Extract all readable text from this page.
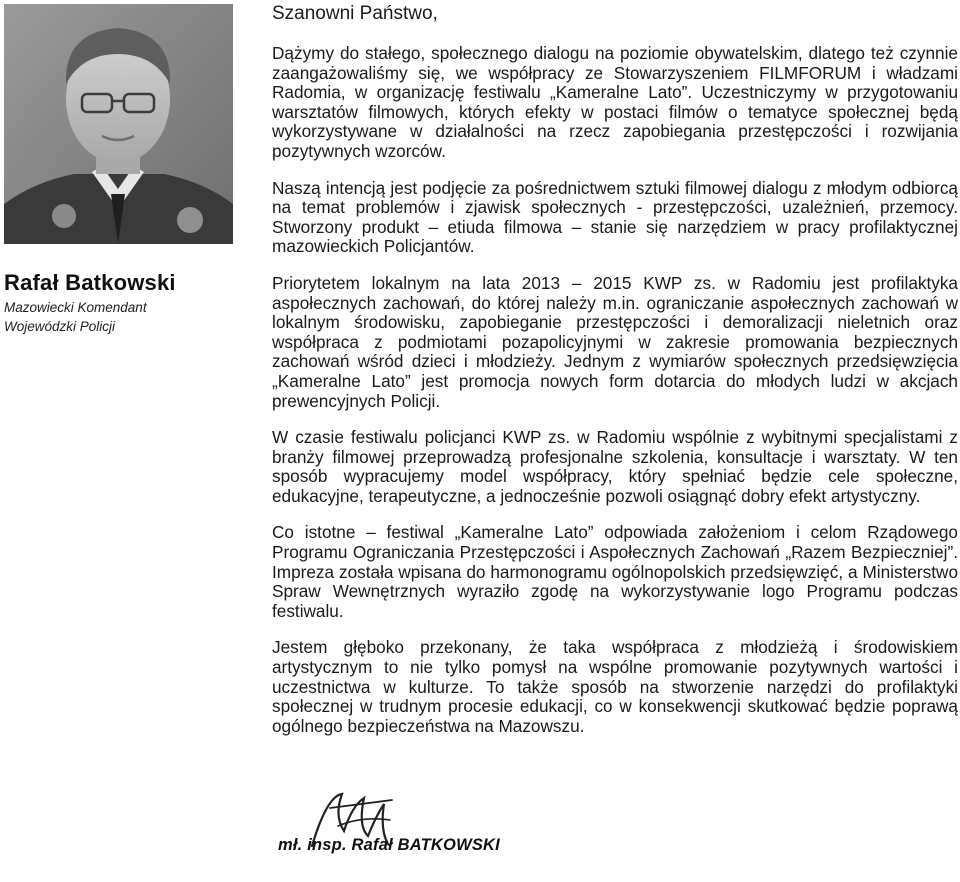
Rafał Batkowski
Mazowiecki Komendant
Wojewódzki Policji

Szanowni Państwo,

Dążymy do stałego, społecznego dialogu na poziomie obywatelskim, dlatego też czynnie zaangażowaliśmy się, we współpracy ze Stowarzyszeniem FILMFORUM i władzami Radomia, w organizację festiwalu „Kameralne Lato”. Uczestniczymy w przygotowaniu warsztatów filmowych, których efekty w postaci filmów o tematyce społecznej będą wykorzystywane w działalności na rzecz zapobiegania przestępczości i rozwijania pozytywnych wzorców.

Naszą intencją jest podjęcie za pośrednictwem sztuki filmowej dialogu z młodym odbiorcą na temat problemów i zjawisk społecznych - przestępczości, uzależnień, przemocy. Stworzony produkt – etiuda filmowa – stanie się narzędziem w pracy profilaktycznej mazowieckich Policjantów.

Priorytetem lokalnym na lata 2013 – 2015 KWP zs. w Radomiu jest profilaktyka aspołecznych zachowań, do której należy m.in. ograniczanie aspołecznych zachowań w lokalnym środowisku, zapobieganie przestępczości i demoralizacji nieletnich oraz współpraca z podmiotami pozapolicyjnymi w zakresie promowania bezpiecznych zachowań wśród dzieci i młodzieży. Jednym z wymiarów społecznych przedsięwzięcia „Kameralne Lato” jest promocja nowych form dotarcia do młodych ludzi w akcjach prewencyjnych Policji.

W czasie festiwalu policjanci KWP zs. w Radomiu wspólnie z wybitnymi specjalistami z branży filmowej przeprowadzą profesjonalne szkolenia, konsultacje i warsztaty. W ten sposób wypracujemy model współpracy, który spełniać będzie cele społeczne, edukacyjne, terapeutyczne, a jednocześnie pozwoli osiągnąć dobry efekt artystyczny.

Co istotne – festiwal „Kameralne Lato” odpowiada założeniom i celom Rządowego Programu Ograniczania Przestępczości i Aspołecznych Zachowań „Razem Bezpieczniej”. Impreza została wpisana do harmonogramu ogólnopolskich przedsięwzięć, a Ministerstwo Spraw Wewnętrznych wyraziło zgodę na wykorzystywanie logo Programu podczas festiwalu.

Jestem głęboko przekonany, że taka współpraca z młodzieżą i środowiskiem artystycznym to nie tylko pomysł na wspólne promowanie pozytywnych wartości i uczestnictwa w kulturze. To także sposób na stworzenie narzędzi do profilaktyki społecznej w trudnym procesie edukacji, co w konsekwencji skutkować będzie poprawą ogólnego bezpieczeństwa na Mazowszu.

mł. insp. Rafał BATKOWSKI
